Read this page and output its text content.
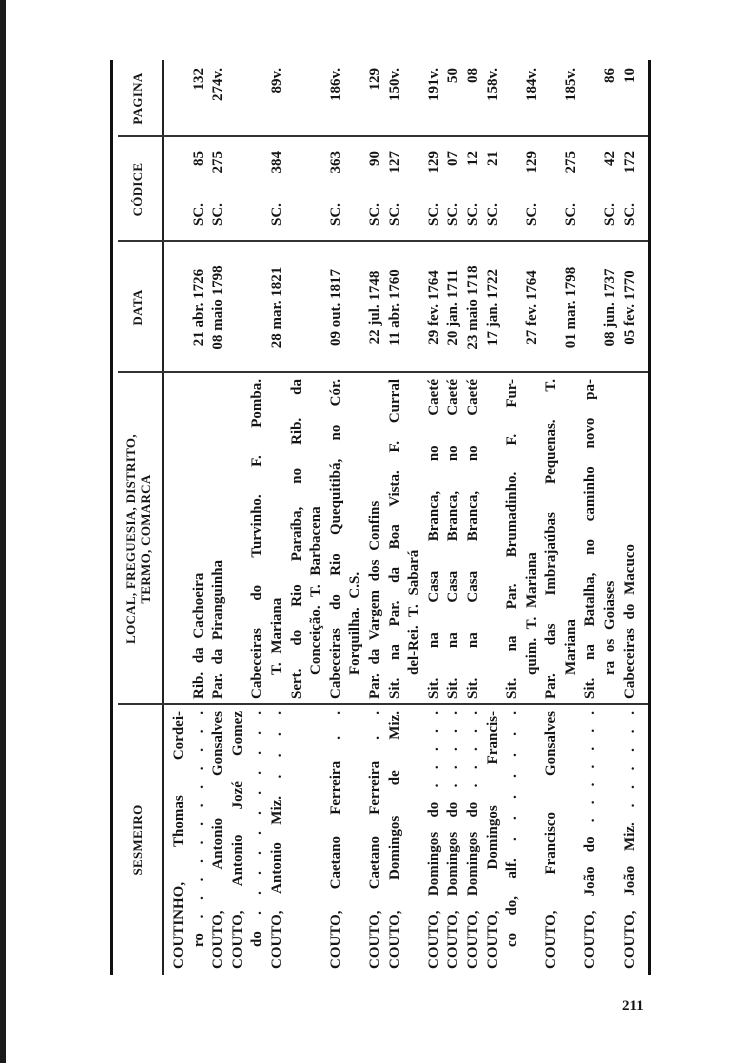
SESMEIRO
LOCAL, FREGUESIA, DISTRITO, TERMO, COMARCA
DATA
CÓDICE
PAGINA
COUTINHO, Thomas Cordei- ro . . . . . . . . . . . .
Rib. da Cachoeira
21 abr. 1726
SC.
85
132
COUTO, Antonio Gonsalves
Par. da Piranguinha
08 maio 1798
SC.
275
274v.
COUTO, Antonio Jozé Gomez do . . . . . . . . . . .
Cabeceiras do Turvinho. F. Pomba.
COUTO, Antonio Miz. . . . .
T. Mariana
28 mar. 1821
SC.
384
89v.
Sert. do Rio Paraíba, no Rib. da Conceição. T. Barbacena
COUTO, Caetano Ferreira . .
Cabeceiras do Rio Quequitibá, no Cór.
09 out. 1817
SC.
363
186v.
Forquilha. C.S.
COUTO, Caetano Ferreira . .
Par. da Vargem dos Confins
22 jul. 1748
SC.
90
129
COUTO, Domingos de Miz.
Sit. na Par. da Boa Vista. F. Curral
11 abr. 1760
SC.
127
150v.
del-Rei. T. Sabará
COUTO, Domingos do . . . . .
Sit. na Casa Branca, no Caeté
29 fev. 1764
SC.
129
191v.
COUTO, Domingos do . . . . .
Sit. na Casa Branca, no Caeté
20 jan. 1711
SC.
07
50
COUTO, Domingos do . . . . .
Sit. na Casa Branca, no Caeté
23 maio 1718
SC.
12
08
COUTO, Domingos Francis-
17 jan. 1722
SC.
21
158v.
co do, alf. . . . . . . .
Sit. na Par. Brumadinho. F. Fur- quim. T. Mariana
27 fev. 1764
SC.
129
184v.
COUTO, Francisco Gonsalves
Par. das Imbrajaúbas Pequenas. T. Mariana
01 mar. 1798
SC.
275
185v.
COUTO, João do . . . . . . .
Sit. na Batalha, no caminho novo pa- ra os Goiases
08 jun. 1737
SC.
42
86
COUTO, João Miz. . . . . . .
Cabeceiras do Macuco
05 fev. 1770
SC.
172
10
211
